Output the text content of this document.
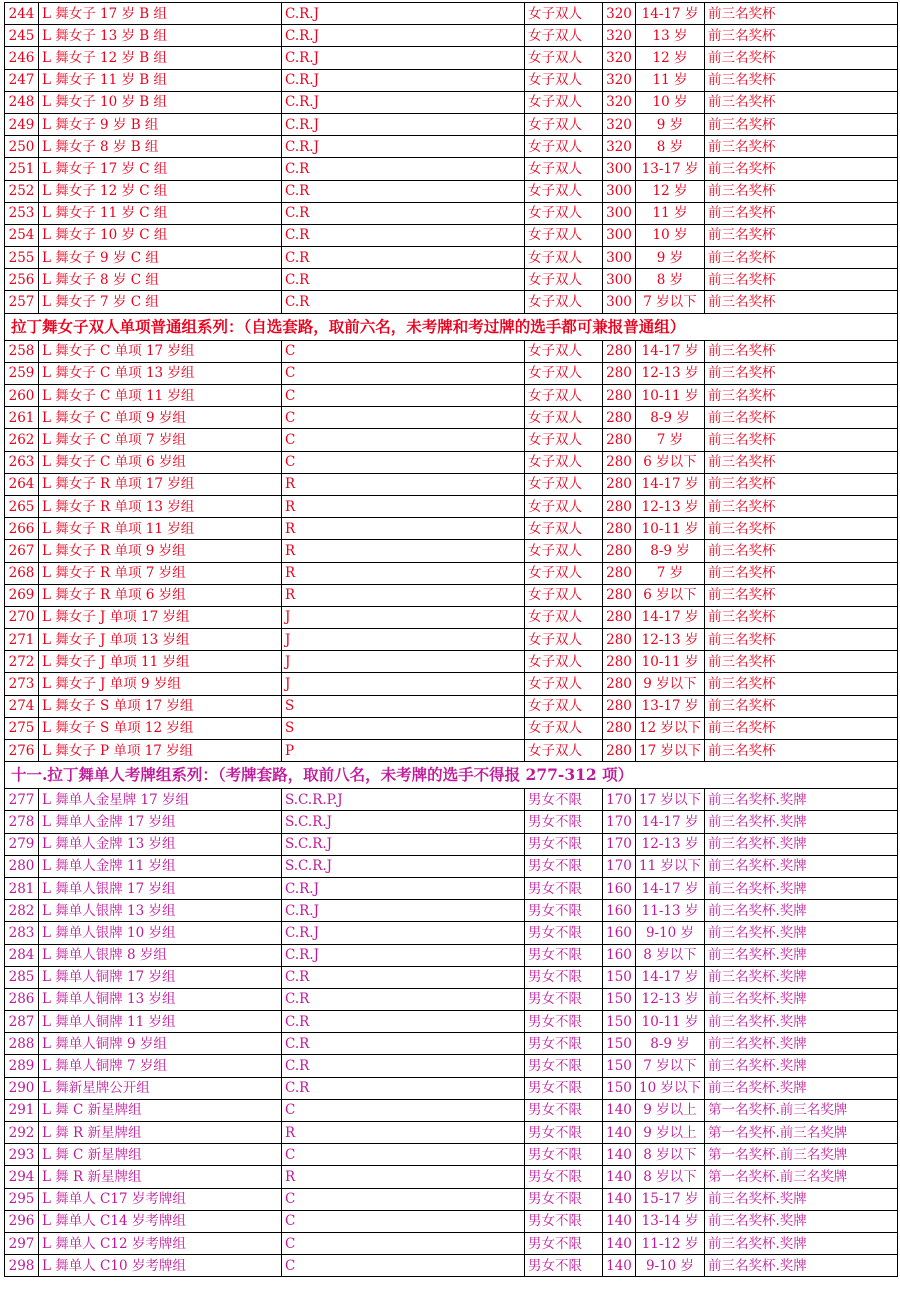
244	L 舞女子 17 岁 B 组	C.R.J	女子双人	320	14-17 岁	前三名奖杯
245	L 舞女子 13 岁 B 组	C.R.J	女子双人	320	13 岁	前三名奖杯
246	L 舞女子 12 岁 B 组	C.R.J	女子双人	320	12 岁	前三名奖杯
247	L 舞女子 11 岁 B 组	C.R.J	女子双人	320	11 岁	前三名奖杯
248	L 舞女子 10 岁 B 组	C.R.J	女子双人	320	10 岁	前三名奖杯
249	L 舞女子 9 岁 B 组	C.R.J	女子双人	320	9 岁	前三名奖杯
250	L 舞女子 8 岁 B 组	C.R.J	女子双人	320	8 岁	前三名奖杯
251	L 舞女子 17 岁 C 组	C.R	女子双人	300	13-17 岁	前三名奖杯
252	L 舞女子 12 岁 C 组	C.R	女子双人	300	12 岁	前三名奖杯
253	L 舞女子 11 岁 C 组	C.R	女子双人	300	11 岁	前三名奖杯
254	L 舞女子 10 岁 C 组	C.R	女子双人	300	10 岁	前三名奖杯
255	L 舞女子 9 岁 C 组	C.R	女子双人	300	9 岁	前三名奖杯
256	L 舞女子 8 岁 C 组	C.R	女子双人	300	8 岁	前三名奖杯
257	L 舞女子 7 岁 C 组	C.R	女子双人	300	7 岁以下	前三名奖杯
拉丁舞女子双人单项普通组系列：（自选套路，取前六名，未考牌和考过牌的选手都可兼报普通组）						
258	L 舞女子 C 单项 17 岁组	C	女子双人	280	14-17 岁	前三名奖杯
259	L 舞女子 C 单项 13 岁组	C	女子双人	280	12-13 岁	前三名奖杯
260	L 舞女子 C 单项 11 岁组	C	女子双人	280	10-11 岁	前三名奖杯
261	L 舞女子 C 单项 9 岁组	C	女子双人	280	8-9 岁	前三名奖杯
262	L 舞女子 C 单项 7 岁组	C	女子双人	280	7 岁	前三名奖杯
263	L 舞女子 C 单项 6 岁组	C	女子双人	280	6 岁以下	前三名奖杯
264	L 舞女子 R 单项 17 岁组	R	女子双人	280	14-17 岁	前三名奖杯
265	L 舞女子 R 单项 13 岁组	R	女子双人	280	12-13 岁	前三名奖杯
266	L 舞女子 R 单项 11 岁组	R	女子双人	280	10-11 岁	前三名奖杯
267	L 舞女子 R 单项 9 岁组	R	女子双人	280	8-9 岁	前三名奖杯
268	L 舞女子 R 单项 7 岁组	R	女子双人	280	7 岁	前三名奖杯
269	L 舞女子 R 单项 6 岁组	R	女子双人	280	6 岁以下	前三名奖杯
270	L 舞女子 J 单项 17 岁组	J	女子双人	280	14-17 岁	前三名奖杯
271	L 舞女子 J 单项 13 岁组	J	女子双人	280	12-13 岁	前三名奖杯
272	L 舞女子 J 单项 11 岁组	J	女子双人	280	10-11 岁	前三名奖杯
273	L 舞女子 J 单项 9 岁组	J	女子双人	280	9 岁以下	前三名奖杯
274	L 舞女子 S 单项 17 岁组	S	女子双人	280	13-17 岁	前三名奖杯
275	L 舞女子 S 单项 12 岁组	S	女子双人	280	12 岁以下	前三名奖杯
276	L 舞女子 P 单项 17 岁组	P	女子双人	280	17 岁以下	前三名奖杯
十一.拉丁舞单人考牌组系列：（考牌套路，取前八名，未考牌的选手不得报 277-312 项）						
277	L 舞单人金星牌 17 岁组	S.C.R.P.J	男女不限	170	17 岁以下	前三名奖杯.奖牌
278	L 舞单人金牌 17 岁组	S.C.R.J	男女不限	170	14-17 岁	前三名奖杯.奖牌
279	L 舞单人金牌 13 岁组	S.C.R.J	男女不限	170	12-13 岁	前三名奖杯.奖牌
280	L 舞单人金牌 11 岁组	S.C.R.J	男女不限	170	11 岁以下	前三名奖杯.奖牌
281	L 舞单人银牌 17 岁组	C.R.J	男女不限	160	14-17 岁	前三名奖杯.奖牌
282	L 舞单人银牌 13 岁组	C.R.J	男女不限	160	11-13 岁	前三名奖杯.奖牌
283	L 舞单人银牌 10 岁组	C.R.J	男女不限	160	9-10 岁	前三名奖杯.奖牌
284	L 舞单人银牌 8 岁组	C.R.J	男女不限	160	8 岁以下	前三名奖杯.奖牌
285	L 舞单人铜牌 17 岁组	C.R	男女不限	150	14-17 岁	前三名奖杯.奖牌
286	L 舞单人铜牌 13 岁组	C.R	男女不限	150	12-13 岁	前三名奖杯.奖牌
287	L 舞单人铜牌 11 岁组	C.R	男女不限	150	10-11 岁	前三名奖杯.奖牌
288	L 舞单人铜牌 9 岁组	C.R	男女不限	150	8-9 岁	前三名奖杯.奖牌
289	L 舞单人铜牌 7 岁组	C.R	男女不限	150	7 岁以下	前三名奖杯.奖牌
290	L 舞新星牌公开组	C.R	男女不限	150	10 岁以下	前三名奖杯.奖牌
291	L 舞 C 新星牌组	C	男女不限	140	9 岁以上	第一名奖杯.前三名奖牌
292	L 舞 R 新星牌组	R	男女不限	140	9 岁以上	第一名奖杯.前三名奖牌
293	L 舞 C 新星牌组	C	男女不限	140	8 岁以下	第一名奖杯.前三名奖牌
294	L 舞 R 新星牌组	R	男女不限	140	8 岁以下	第一名奖杯.前三名奖牌
295	L 舞单人 C17 岁考牌组	C	男女不限	140	15-17 岁	前三名奖杯.奖牌
296	L 舞单人 C14 岁考牌组	C	男女不限	140	13-14 岁	前三名奖杯.奖牌
297	L 舞单人 C12 岁考牌组	C	男女不限	140	11-12 岁	前三名奖杯.奖牌
298	L 舞单人 C10 岁考牌组	C	男女不限	140	9-10 岁	前三名奖杯.奖牌
